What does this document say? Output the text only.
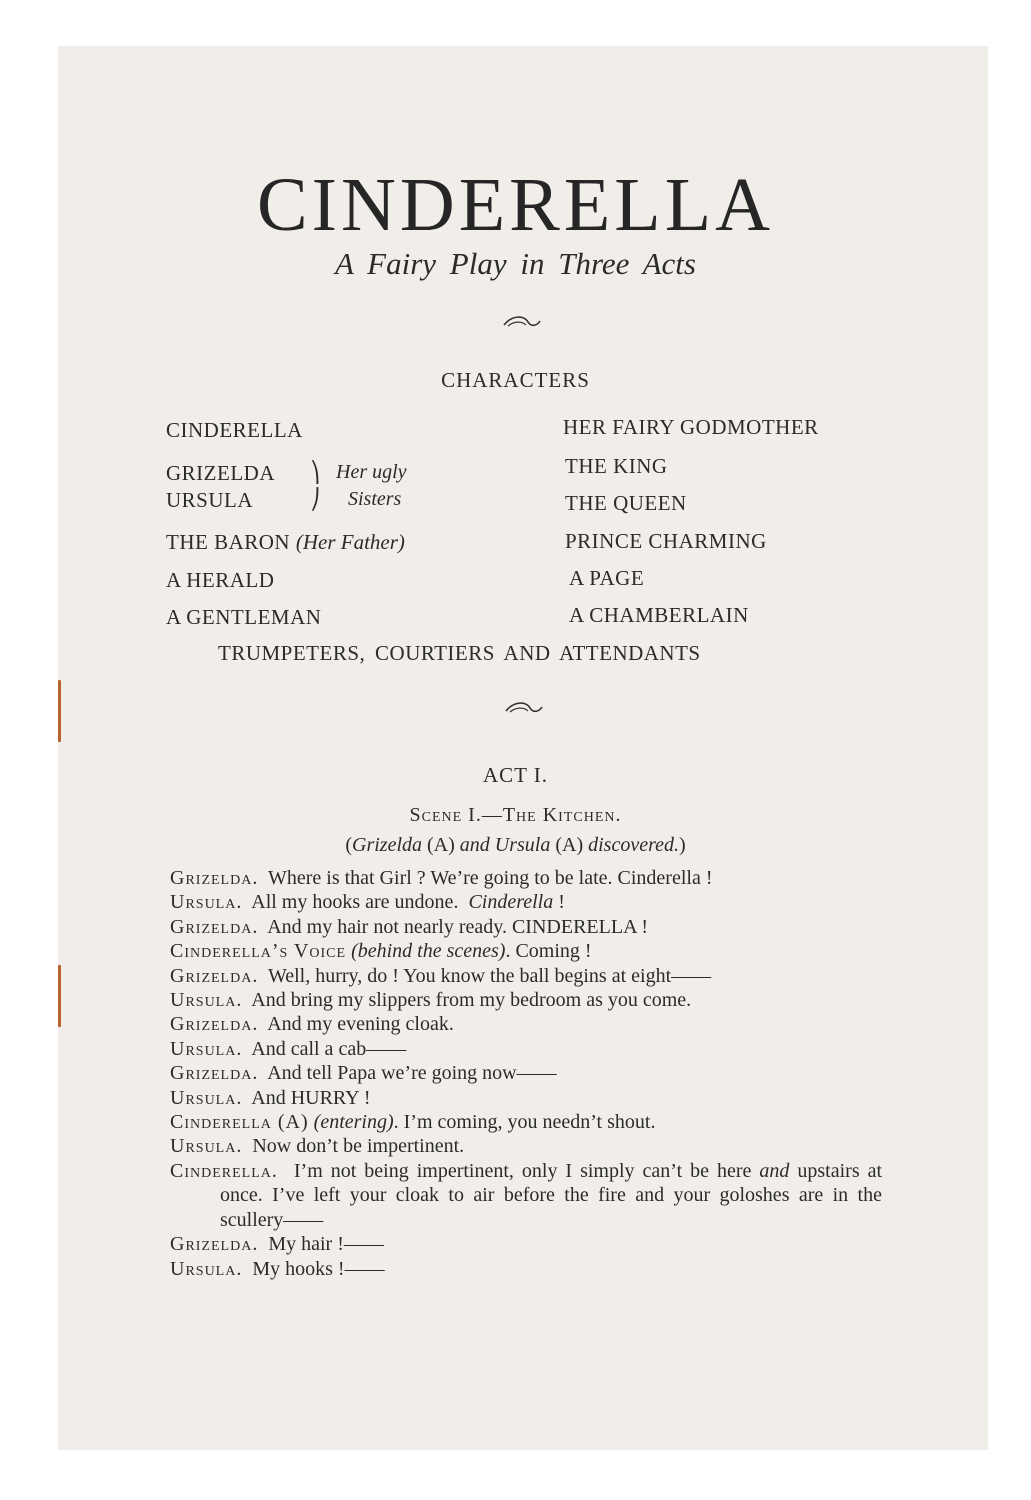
CINDERELLA
A Fairy Play in Three Acts
CHARACTERS
CINDERELLA
GRIZELDA
URSULA
⎞
⎠
Her ugly
Sisters
THE BARON (Her Father)
A HERALD
A GENTLEMAN
HER FAIRY GODMOTHER
THE KING
THE QUEEN
PRINCE CHARMING
A PAGE
A CHAMBERLAIN
TRUMPETERS, COURTIERS AND ATTENDANTS
ACT I.
Scene I.—The Kitchen.
(Grizelda (A) and Ursula (A) discovered.)

Grizelda. Where is that Girl ? We’re going to be late. Cinderella !

Ursula. All my hooks are undone. Cinderella !

Grizelda. And my hair not nearly ready. CINDERELLA !

Cinderella’s Voice (behind the scenes). Coming !

Grizelda. Well, hurry, do ! You know the ball begins at eight——

Ursula. And bring my slippers from my bedroom as you come.

Grizelda. And my evening cloak.

Ursula. And call a cab——

Grizelda. And tell Papa we’re going now——

Ursula. And HURRY !

Cinderella (A) (entering). I’m coming, you needn’t shout.

Ursula. Now don’t be impertinent.

Cinderella. I’m not being impertinent, only I simply can’t be here and upstairs at once. I’ve left your cloak to air before the fire and your goloshes are in the scullery——

Grizelda. My hair !——

Ursula. My hooks !——
